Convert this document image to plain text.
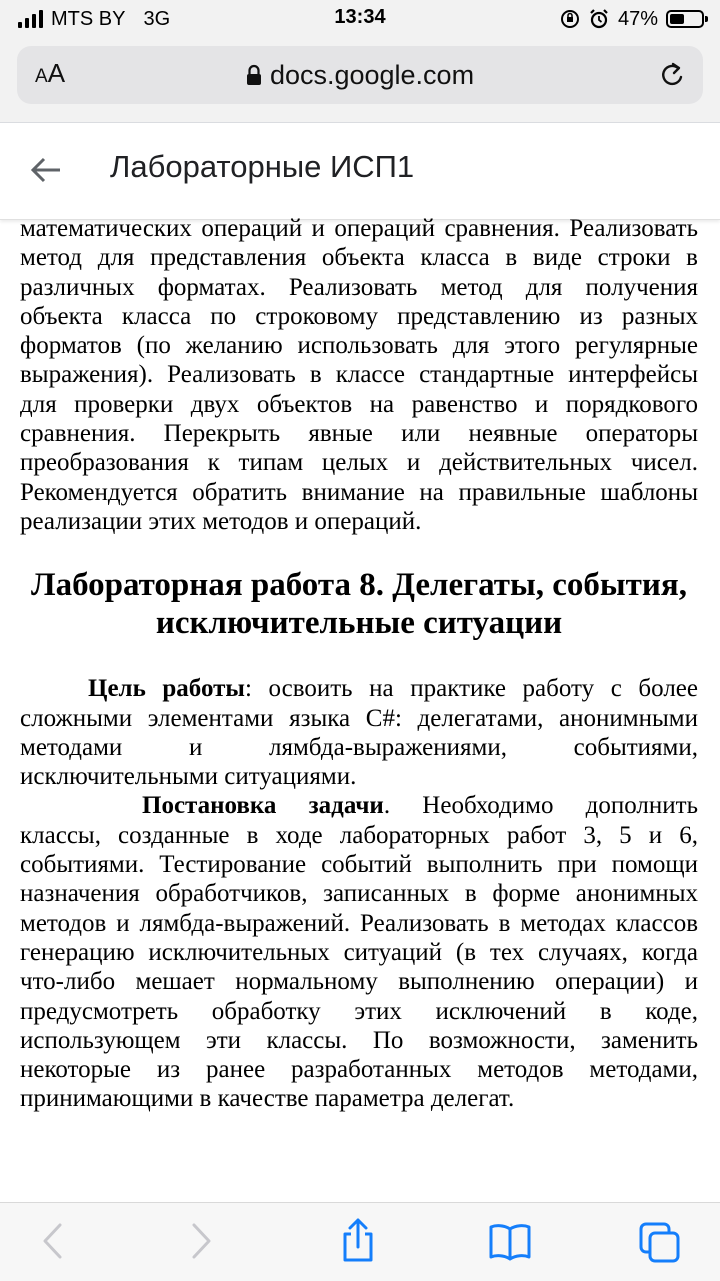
MTS BY 3G	13:34	47%
AA	docs.google.com
Лабораторные ИСП1

математических операций и операций сравнения. Реализовать метод для представления объекта класса в виде строки в различных форматах. Реализовать метод для получения объекта класса по строковому представлению из разных форматов (по желанию использовать для этого регулярные выражения). Реализовать в классе стандартные интерфейсы для проверки двух объектов на равенство и порядкового сравнения. Перекрыть явные или неявные операторы преобразования к типам целых и действительных чисел. Рекомендуется обратить внимание на правильные шаблоны реализации этих методов и операций.

Лабораторная работа 8. Делегаты, события, исключительные ситуации

Цель работы: освоить на практике работу с более сложными элементами языка C#: делегатами, анонимными методами и лямбда-выражениями, событиями, исключительными ситуациями.

Постановка задачи. Необходимо дополнить классы, созданные в ходе лабораторных работ 3, 5 и 6, событиями. Тестирование событий выполнить при помощи назначения обработчиков, записанных в форме анонимных методов и лямбда-выражений. Реализовать в методах классов генерацию исключительных ситуаций (в тех случаях, когда что-либо мешает нормальному выполнению операции) и предусмотреть обработку этих исключений в коде, использующем эти классы. По возможности, заменить некоторые из ранее разработанных методов методами, принимающими в качестве параметра делегат.
